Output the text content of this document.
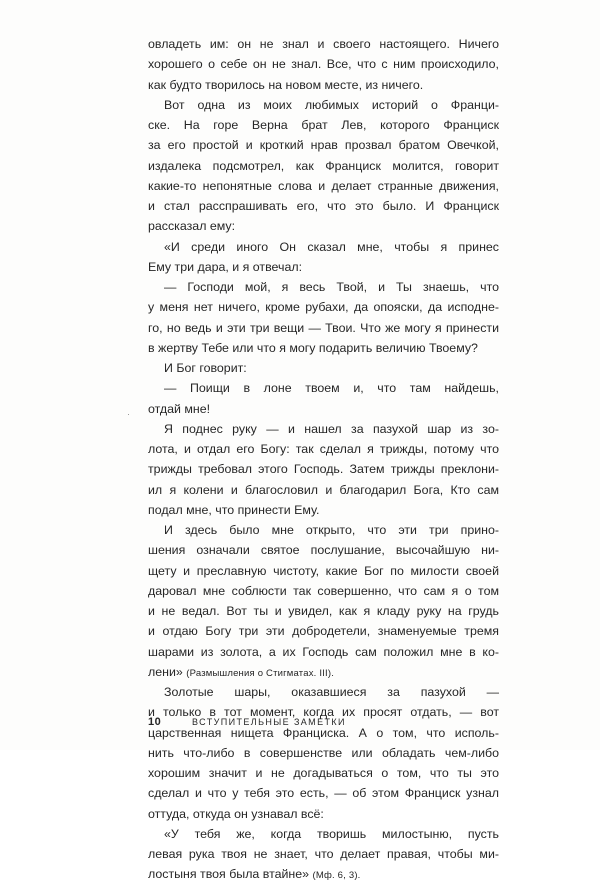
овладеть им: он не знал и своего настоящего. Ничего
хорошего о себе он не знал. Все, что с ним происходило,
как будто творилось на новом месте, из ничего.
Вот одна из моих любимых историй о Франци-
ске. На горе Верна брат Лев, которого Франциск
за его простой и кроткий нрав прозвал братом Овечкой,
издалека подсмотрел, как Франциск молится, говорит
какие-то непонятные слова и делает странные движения,
и стал расспрашивать его, что это было. И Франциск
рассказал ему:
«И среди иного Он сказал мне, чтобы я принес
Ему три дара, и я отвечал:
— Господи мой, я весь Твой, и Ты знаешь, что
у меня нет ничего, кроме рубахи, да опояски, да исподне-
го, но ведь и эти три вещи — Твои. Что же могу я принести
в жертву Тебе или что я могу подарить величию Твоему?
И Бог говорит:
— Поищи в лоне твоем и, что там найдешь,
отдай мне!
Я поднес руку — и нашел за пазухой шар из зо-
лота, и отдал его Богу: так сделал я трижды, потому что
трижды требовал этого Господь. Затем трижды преклони-
ил я колени и благословил и благодарил Бога, Кто сам
подал мне, что принести Ему.
И здесь было мне открыто, что эти три прино-
шения означали святое послушание, высочайшую ни-
щету и преславную чистоту, какие Бог по милости своей
даровал мне соблюсти так совершенно, что сам я о том
и не ведал. Вот ты и увидел, как я кладу руку на грудь
и отдаю Богу три эти добродетели, знаменуемые тремя
шарами из золота, а их Господь сам положил мне в ко-
лени» (Размышления о Стигматах. III).
Золотые шары, оказавшиеся за пазухой —
и только в тот момент, когда их просят отдать, — вот
царственная нищета Франциска. А о том, что исполь-
нить что-либо в совершенстве или обладать чем-либо
хорошим значит и не догадываться о том, что ты это
сделал и что у тебя это есть, — об этом Франциск узнал
оттуда, откуда он узнавал всё:
«У тебя же, когда творишь милостыню, пусть
левая рука твоя не знает, что делает правая, чтобы ми-
лостыня твоя была втайне» (Мф. 6, 3).
10	ВСТУПИТЕЛЬНЫЕ ЗАМЕТКИ
